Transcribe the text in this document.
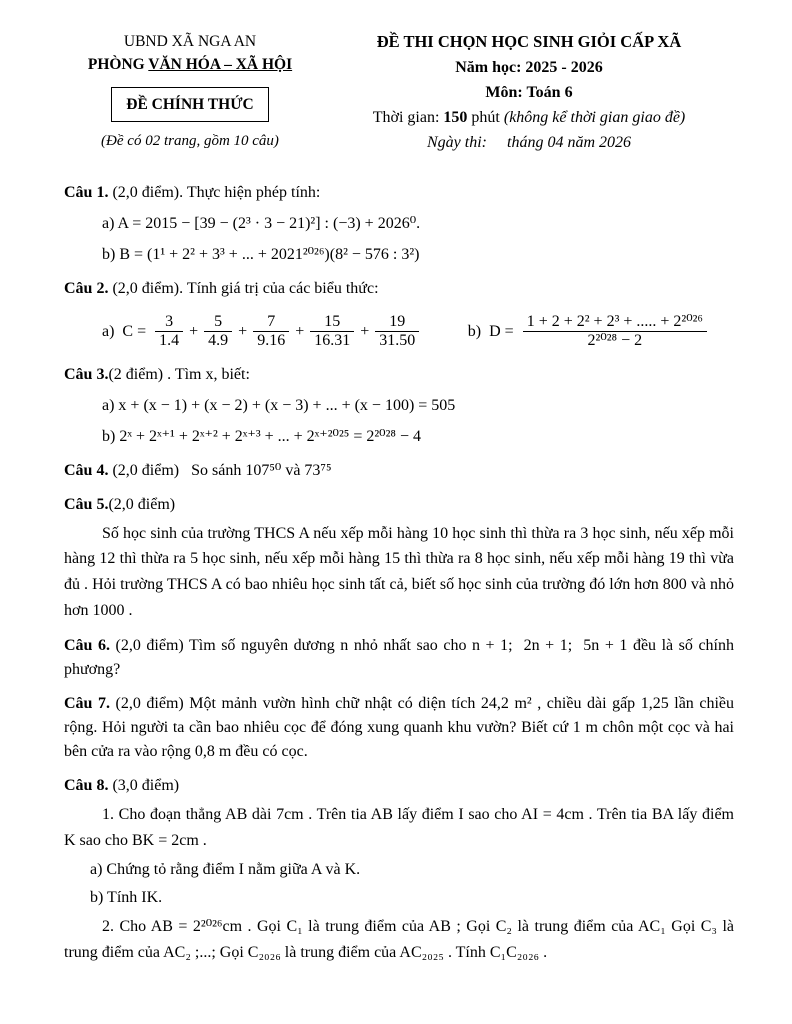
UBND XÃ NGA AN
PHÒNG VĂN HÓA – XÃ HỘI
ĐỀ CHÍNH THỨC
(Đề có 02 trang, gồm 10 câu)
ĐỀ THI CHỌN HỌC SINH GIỎI CẤP XÃ
Năm học: 2025 - 2026
Môn: Toán 6
Thời gian: 150 phút (không kể thời gian giao đề)
Ngày thi:     tháng 04 năm 2026

Câu 1. (2,0 điểm). Thực hiện phép tính:

a) A = 2015 − [39 − (2³ · 3 − 21)²] : (−3) + 2026⁰.

b) B = (1¹ + 2² + 3³ + ... + 2021²⁰²⁶)(8² − 576 : 3²)

Câu 2. (2,0 điểm). Tính giá trị của các biểu thức:

a)  $C = \frac{3}{1.4} + \frac{5}{4.9} + \frac{7}{9.16} + \frac{15}{16.31} + \frac{19}{31.50}$	b)  $D = \frac{\text{1 + 2 + 2² + 2³ + ..... + 2²⁰²⁶}}{\text{2²⁰²⁸ − 2}}$

Câu 3.(2 điểm) . Tìm x, biết:

a) x + (x − 1) + (x − 2) + (x − 3) + ... + (x − 100) = 505

b) 2ˣ + 2ˣ⁺¹ + 2ˣ⁺² + 2ˣ⁺³ + ... + 2ˣ⁺²⁰²⁵ = 2²⁰²⁸ − 4

Câu 4. (2,0 điểm)   So sánh 107⁵⁰ và 73⁷⁵

Câu 5.(2,0 điểm)

Số học sinh của trường THCS A nếu xếp mỗi hàng 10 học sinh thì thừa ra 3 học sinh, nếu xếp mỗi hàng 12 thì thừa ra 5 học sinh, nếu xếp mỗi hàng 15 thì thừa ra 8 học sinh, nếu xếp mỗi hàng 19 thì vừa đủ . Hỏi trường THCS A có bao nhiêu học sinh tất cả, biết số học sinh của trường đó lớn hơn 800 và nhỏ hơn 1000 .

Câu 6. (2,0 điểm) Tìm số nguyên dương n nhỏ nhất sao cho n + 1;  2n + 1;  5n + 1 đều là số chính phương?

Câu 7. (2,0 điểm) Một mảnh vườn hình chữ nhật có diện tích 24,2 m² , chiều dài gấp 1,25 lần chiều rộng. Hỏi người ta cần bao nhiêu cọc để đóng xung quanh khu vườn? Biết cứ 1 m chôn một cọc và hai bên cửa ra vào rộng 0,8 m đều có cọc.

Câu 8. (3,0 điểm)

1. Cho đoạn thẳng AB dài 7cm . Trên tia AB lấy điểm I sao cho AI = 4cm . Trên tia BA lấy điểm K sao cho BK = 2cm .

a) Chứng tỏ rằng điểm I nằm giữa A và K.

b) Tính IK.

2. Cho AB = 2²⁰²⁶cm . Gọi C₁ là trung điểm của AB ; Gọi C₂ là trung điểm của AC₁ Gọi C₃ là trung điểm của AC₂ ;...; Gọi C₂₀₂₆ là trung điểm của AC₂₀₂₅ . Tính C₁C₂₀₂₆ .
